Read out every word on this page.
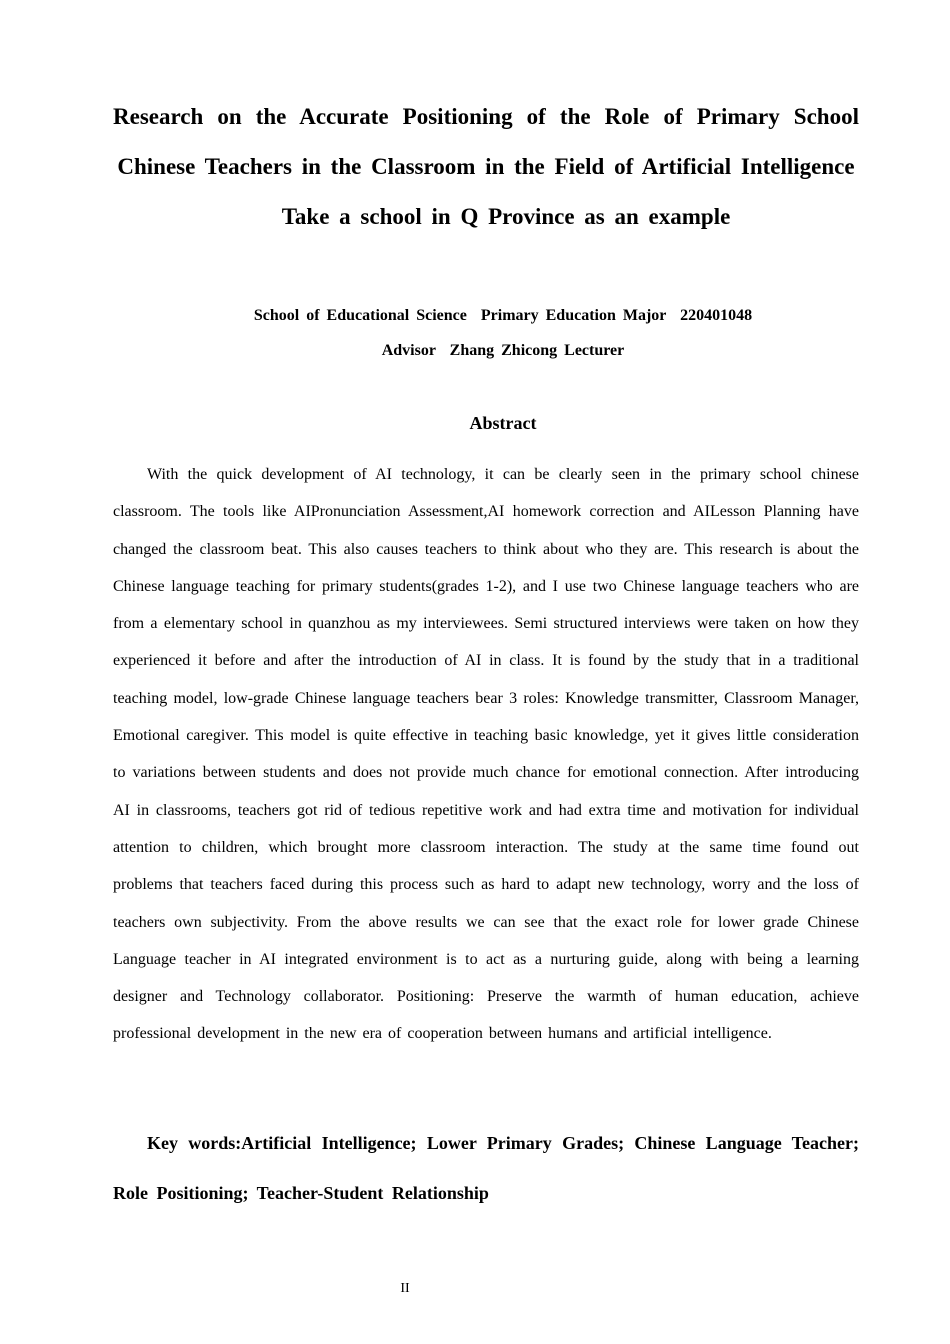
Research on the Accurate Positioning of the Role of Primary School Chinese Teachers in the Classroom in the Field of Artificial Intelligence
Take a school in Q Province as an example
School of Educational Science  Primary Education Major  220401048
Advisor  Zhang Zhicong Lecturer
Abstract
With the quick development of AI technology, it can be clearly seen in the primary school chinese classroom. The tools like AIPronunciation Assessment,AI homework correction and AILesson Planning have changed the classroom beat. This also causes teachers to think about who they are. This research is about the Chinese language teaching for primary students(grades 1-2), and I use two Chinese language teachers who are from a elementary school in quanzhou as my interviewees. Semi structured interviews were taken on how they experienced it before and after the introduction of AI in class. It is found by the study that in a traditional teaching model, low-grade Chinese language teachers bear 3 roles: Knowledge transmitter, Classroom Manager, Emotional caregiver. This model is quite effective in teaching basic knowledge, yet it gives little consideration to variations between students and does not provide much chance for emotional connection. After introducing AI in classrooms, teachers got rid of tedious repetitive work and had extra time and motivation for individual attention to children, which brought more classroom interaction. The study at the same time found out problems that teachers faced during this process such as hard to adapt new technology, worry and the loss of teachers own subjectivity. From the above results we can see that the exact role for lower grade Chinese Language teacher in AI integrated environment is to act as a nurturing guide, along with being a learning designer and Technology collaborator. Positioning: Preserve the warmth of human education, achieve professional development in the new era of cooperation between humans and artificial intelligence.
Key words:Artificial Intelligence; Lower Primary Grades; Chinese Language Teacher; Role Positioning; Teacher-Student Relationship
II
